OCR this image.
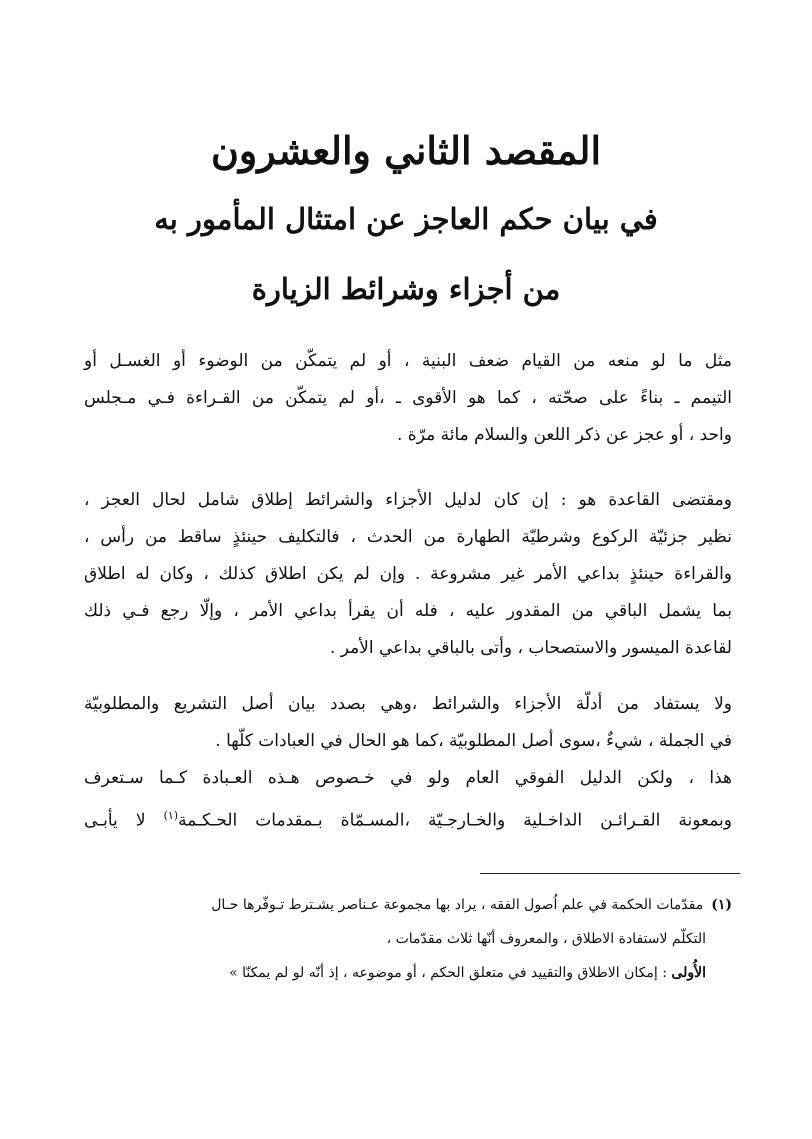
المقصد الثاني والعشرون
في بيان حكم العاجز عن امتثال المأمور به
من أجزاء وشرائط الزيارة

مثل ما لو منعه من القيام ضعف البنية ، أو لم يتمكّن من الوضوء أو الغسـل أو
التيمم ـ بناءً على صحّته ، كما هو الأقوى ـ ،أو لم يتمكّن من القـراءة فـي مـجلس
واحد ، أو عجز عن ذكر اللعن والسلام مائة مرّة .

ومقتضى القاعدة هو : إن كان لدليل الأجزاء والشرائط إطلاق شامل لحال العجز ،
نظير جزئيّة الركوع وشرطيّة الطهارة من الحدث ، فالتكليف حينئذٍ ساقط من رأس ،
والقراءة حينئذٍ بداعي الأمر غير مشروعة . وإن لم يكن اطلاق كذلك ، وكان له اطلاق
بما يشمل الباقي من المقدور عليه ، فله أن يقرأ بداعي الأمر ، وإلّا رجع فـي ذلك
لقاعدة الميسور والاستصحاب ، وأتى بالباقي بداعي الأمر .

ولا يستفاد من أدلّة الأجزاء والشرائط ،وهي بصدد بيان أصل التشريع والمطلوبيّة
في الجملة ، شيءٌ ،سوى أصل المطلوبيّة ،كما هو الحال في العبادات كلّها .

هذا ، ولكن الدليل الفوقي العام ولو في خـصوص هـذه العـبادة كـما سـتعرف
وبمعونة القـرائـن الداخـلية والخـارجـيّة ،المسـمّاة بـمقدمات الحـكـمة$^{(١)}$ لا يأبـى

(١)مقدّمات الحكمة في علم اُصول الفقه ، يراد بها مجموعة عـناصر يشـترط تـوفّرها حـال
التكلّم لاستفادة الاطلاق ، والمعروف أنّها ثلاث مقدّمات ،
الأُولى : إمكان الاطلاق والتقييد في متعلق الحكم ، أو موضوعه ، إذ أنّه لو لم يمكنّا »
